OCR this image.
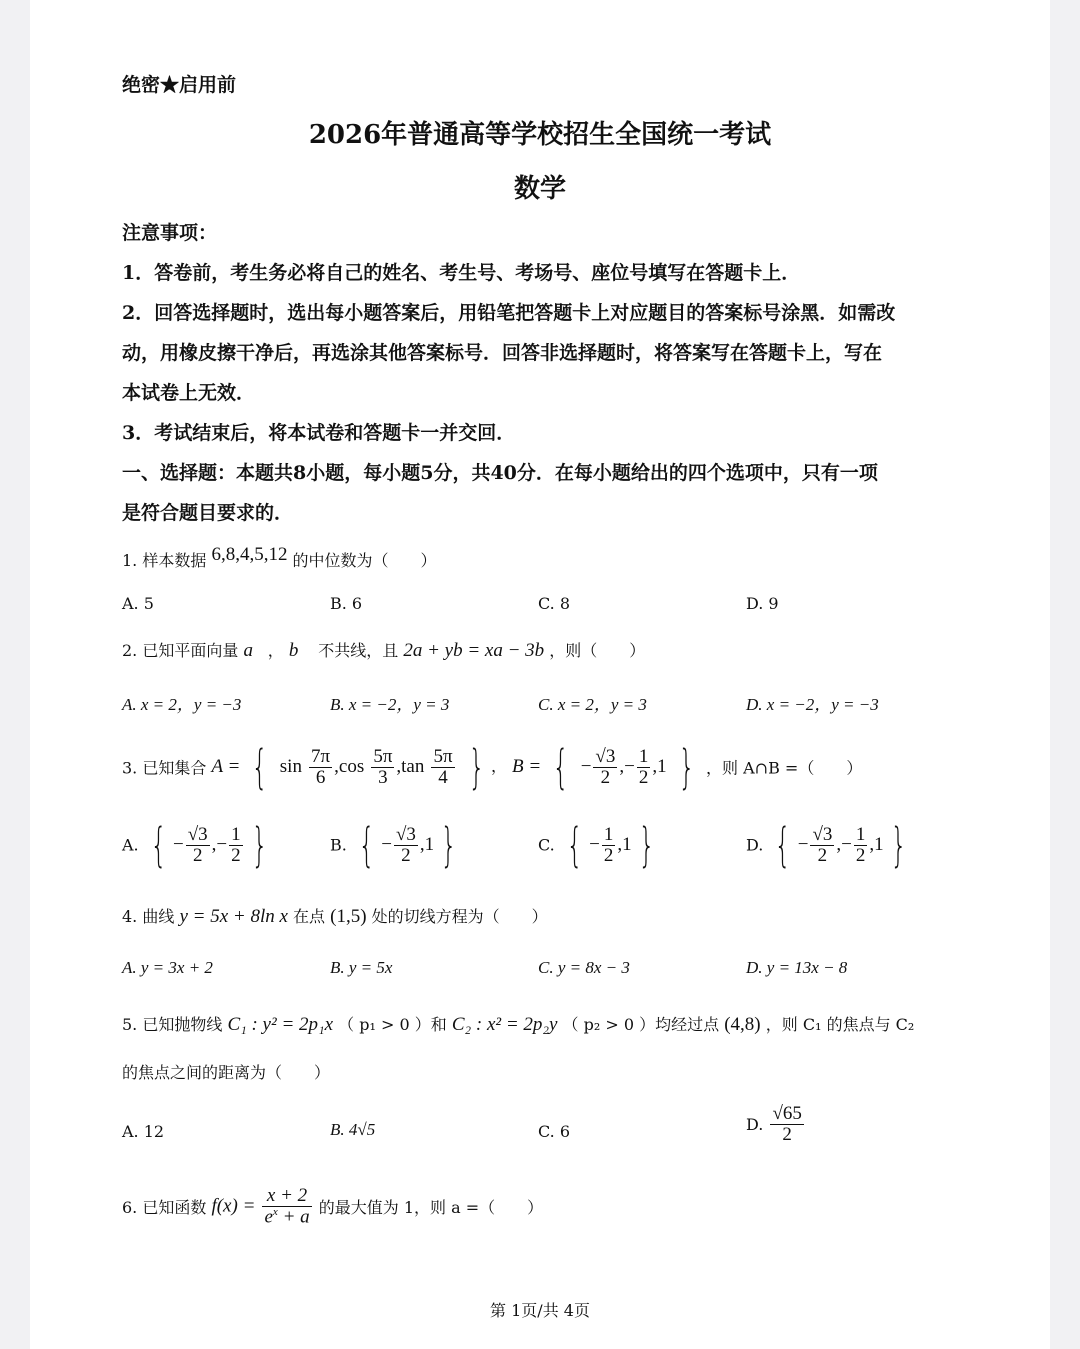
绝密★启用前
2026年普通高等学校招生全国统一考试
数学
注意事项：
1．答卷前，考生务必将自己的姓名、考生号、考场号、座位号填写在答题卡上．
2．回答选择题时，选出每小题答案后，用铅笔把答题卡上对应题目的答案标号涂黑．如需改
动，用橡皮擦干净后，再选涂其他答案标号．回答非选择题时，将答案写在答题卡上，写在
本试卷上无效．
3．考试结束后，将本试卷和答题卡一并交回．
一、选择题：本题共8小题，每小题5分，共40分．在每小题给出的四个选项中，只有一项
是符合题目要求的．
1. 样本数据 6,8,4,5,12 的中位数为（　　）
A. 5	B. 6	C. 8	D. 9
2. 已知平面向量 a⃗， b⃗ 不共线，且 2a + yb = xa − 3b ，则（　　）
A. x = 2，y = −3	B. x = −2，y = 3	C. x = 2，y = 3	D. x = −2，y = −3
3. 已知集合 A = { $\sin \frac{7\pi}{6} ,\cos \frac{5\pi}{3} ,\tan \frac{5\pi}{4}$ } ， B = { − $\frac{√3}{2}$ ,− $\frac{1}{2} ,1$ } ，则 A∩B =（　　）
A. { − $\frac{√3}{2}$ ,− $\frac{1}{2}$ }	B. { − $\frac{√3}{2} ,1$ }	C. { − $\frac{1}{2} ,1$ }	D. { − $\frac{√3}{2}$ ,− $\frac{1}{2} ,1$ }
4. 曲线 y = 5x + 8ln x 在点 (1,5) 处的切线方程为（　　）
A. y = 3x + 2	B. y = 5x	C. y = 8x − 3	D. y = 13x − 8
5. 已知抛物线 C₁ : y² = 2p₁x （ p₁ > 0 ）和 C₂ : x² = 2p₂y （ p₂ > 0 ）均经过点 (4,8) ，则 C₁ 的焦点与 C₂
的焦点之间的距离为（　　）
A. 12	B. 4√5	C. 6	D. $\frac{√65}{2}$
6. 已知函数 $f(x) = \frac{x + 2}{e^x + a}$ 的最大值为 1，则 a =（　　）
第 1页/共 4页
